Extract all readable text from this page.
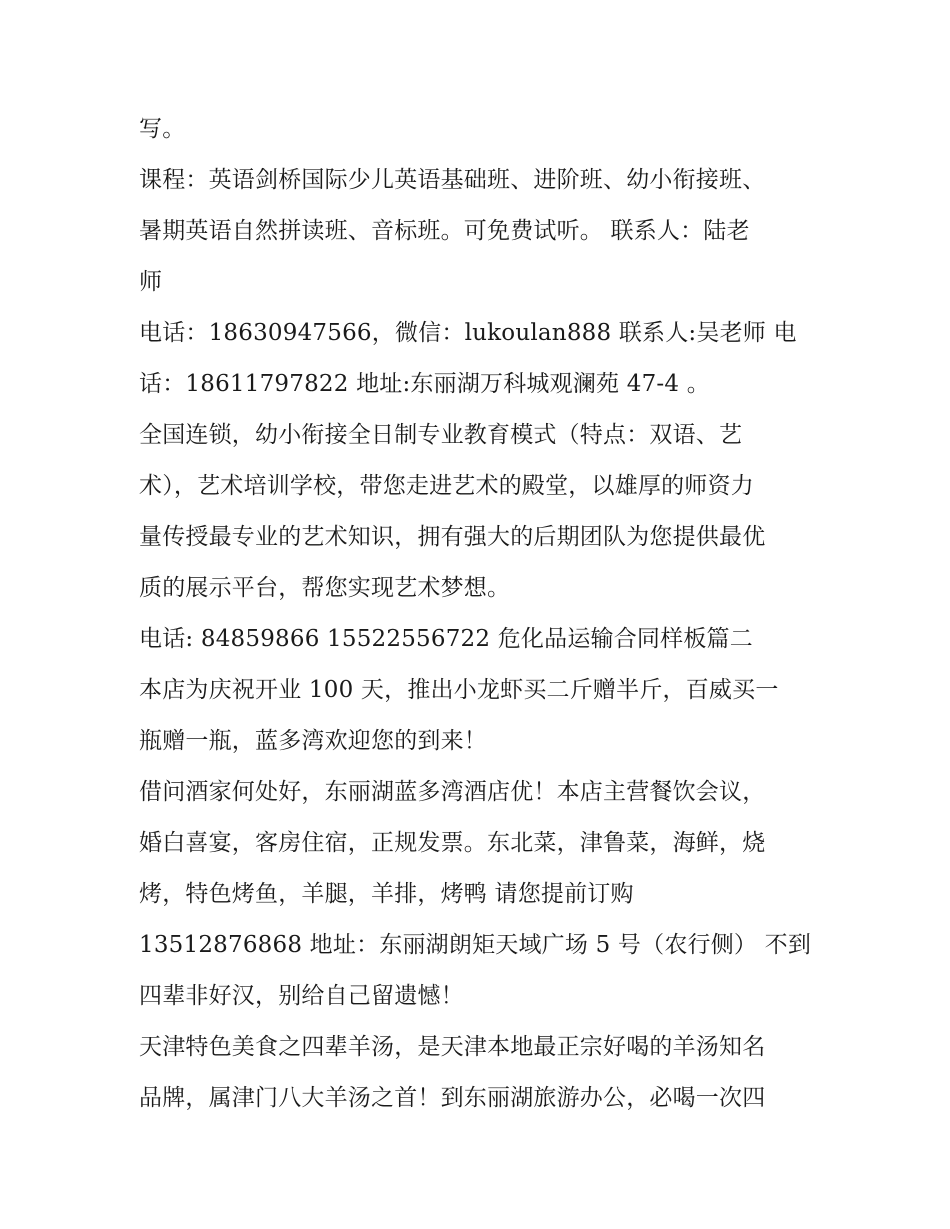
写。
课程：英语剑桥国际少儿英语基础班、进阶班、幼小衔接班、
暑期英语自然拼读班、音标班。可免费试听。 联系人：陆老
师
电话：18630947566，微信：lukoulan888 联系人:吴老师 电
话：18611797822 地址:东丽湖万科城观澜苑 47-4 。
全国连锁，幼小衔接全日制专业教育模式（特点：双语、艺
术），艺术培训学校，带您走进艺术的殿堂，以雄厚的师资力
量传授最专业的艺术知识，拥有强大的后期团队为您提供最优
质的展示平台，帮您实现艺术梦想。
电话: 84859866 15522556722 危化品运输合同样板篇二
本店为庆祝开业 100 天，推出小龙虾买二斤赠半斤，百威买一
瓶赠一瓶，蓝多湾欢迎您的到来！
借问酒家何处好，东丽湖蓝多湾酒店优！本店主营餐饮会议，
婚白喜宴，客房住宿，正规发票。东北菜，津鲁菜，海鲜，烧
烤，特色烤鱼，羊腿，羊排，烤鸭 请您提前订购
13512876868 地址：东丽湖朗矩天域广场 5 号（农行侧） 不到
四辈非好汉，别给自己留遗憾！
天津特色美食之四辈羊汤，是天津本地最正宗好喝的羊汤知名
品牌，属津门八大羊汤之首！到东丽湖旅游办公，必喝一次四
